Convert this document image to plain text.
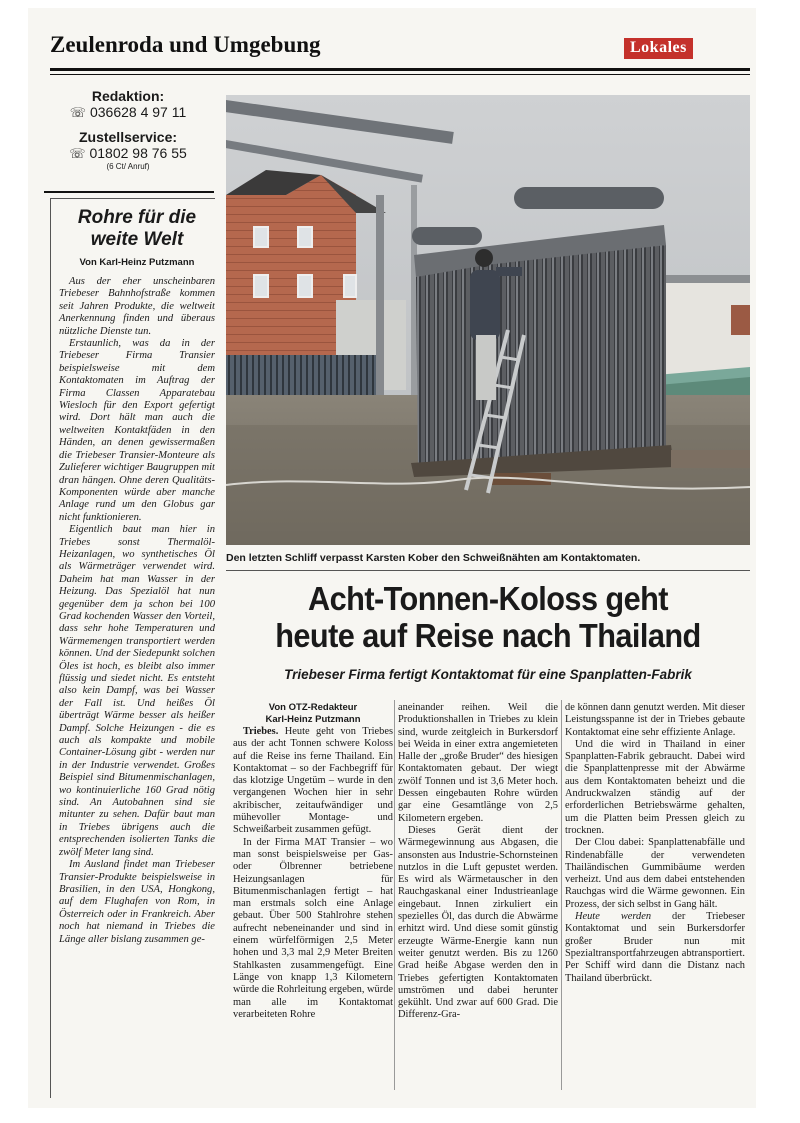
Zeulenroda und Umgebung	Lokales
Redaktion:
☏ 036628 4 97 11
Zustellservice:
☏ 01802 98 76 55
(6 Ct/ Anruf)
Rohre für die weite Welt
Von Karl-Heinz Putzmann

Aus der eher unscheinbaren Triebeser Bahnhofstraße kommen seit Jahren Produkte, die weltweit Anerkennung finden und überaus nützliche Dienste tun.

Erstaunlich, was da in der Triebeser Firma Transier beispielsweise mit dem Kontaktomaten im Auftrag der Firma Classen Apparatebau Wiesloch für den Export gefertigt wird. Dort hält man auch die weltweiten Kontaktfäden in den Händen, an denen gewissermaßen die Triebeser Transier-Monteure als Zulieferer wichtiger Baugruppen mit dran hängen. Ohne deren Qualitäts-Komponenten würde aber manche Anlage rund um den Globus gar nicht funktionieren.

Eigentlich baut man hier in Triebes sonst Thermalöl-Heizanlagen, wo synthetisches Öl als Wärmeträger verwendet wird. Daheim hat man Wasser in der Heizung. Das Spezialöl hat nun gegenüber dem ja schon bei 100 Grad kochenden Wasser den Vorteil, dass sehr hohe Temperaturen und Wärmemengen transportiert werden können. Und der Siedepunkt solchen Öles ist hoch, es bleibt also immer flüssig und siedet nicht. Es entsteht also kein Dampf, was bei Wasser der Fall ist. Und heißes Öl überträgt Wärme besser als heißer Dampf. Solche Heizungen - die es auch als kompakte und mobile Container-Lösung gibt - werden nur in der Industrie verwendet. Großes Beispiel sind Bitumenmischanlagen, wo kontinuierliche 160 Grad nötig sind. An Autobahnen sind sie mitunter zu sehen. Dafür baut man in Triebes übrigens auch die entsprechenden isolierten Tanks die zwölf Meter lang sind.

Im Ausland findet man Triebeser Transier-Produkte beispielsweise in Brasilien, in den USA, Hongkong, auf dem Flughafen von Rom, in Österreich oder in Frankreich. Aber noch hat niemand in Triebes die Länge aller bislang zusammen ge-

Den letzten Schliff verpasst Karsten Kober den Schweißnähten am Kontaktomaten.
Acht-Tonnen-Koloss geht
heute auf Reise nach Thailand
Triebeser Firma fertigt Kontaktomat für eine Spanplatten-Fabrik

Von OTZ-Redakteur
Karl-Heinz Putzmann

Triebes. Heute geht von Triebes aus der acht Tonnen schwere Koloss auf die Reise ins ferne Thailand. Ein Kontaktomat – so der Fachbegriff für das klotzige Ungetüm – wurde in den vergangenen Wochen hier in sehr akribischer, zeitaufwändiger und mühevoller Montage- und Schweißarbeit zusammen gefügt.

In der Firma MAT Transier – wo man sonst beispielsweise per Gas- oder Ölbrenner betriebene Heizungsanlagen für Bitumenmischanlagen fertigt – hat man erstmals solch eine Anlage gebaut. Über 500 Stahlrohre stehen aufrecht nebeneinander und sind in einem würfelförmigen 2,5 Meter hohen und 3,3 mal 2,9 Meter Breiten Stahlkasten zusammengefügt. Eine Länge von knapp 1,3 Kilometern würde die Rohrleitung ergeben, würde man alle im Kontaktomat verarbeiteten Rohre

aneinander reihen. Weil die Produktionshallen in Triebes zu klein sind, wurde zeitgleich in Burkersdorf bei Weida in einer extra angemieteten Halle der „große Bruder“ des hiesigen Kontaktomaten gebaut. Der wiegt zwölf Tonnen und ist 3,6 Meter hoch. Dessen eingebauten Rohre würden gar eine Gesamtlänge von 2,5 Kilometern ergeben.

Dieses Gerät dient der Wärmegewinnung aus Abgasen, die ansonsten aus Industrie-Schornsteinen nutzlos in die Luft gepustet werden. Es wird als Wärmetauscher in den Rauchgaskanal einer Industrieanlage eingebaut. Innen zirkuliert ein spezielles Öl, das durch die Abwärme erhitzt wird. Und diese somit günstig erzeugte Wärme-Energie kann nun weiter genutzt werden. Bis zu 1260 Grad heiße Abgase werden den in Triebes gefertigten Kontaktomaten umströmen und dabei herunter gekühlt. Und zwar auf 600 Grad. Die Differenz-Gra-

de können dann genutzt werden. Mit dieser Leistungsspanne ist der in Triebes gebaute Kontaktomat eine sehr effiziente Anlage.

Und die wird in Thailand in einer Spanplatten-Fabrik gebraucht. Dabei wird die Spanplattenpresse mit der Abwärme aus dem Kontaktomaten beheizt und die Andruckwalzen ständig auf der erforderlichen Betriebswärme gehalten, um die Platten beim Pressen gleich zu trocknen.

Der Clou dabei: Spanplattenabfälle und Rindenabfälle der verwendeten Thailändischen Gummibäume werden verheizt. Und aus dem dabei entstehenden Rauchgas wird die Wärme gewonnen. Ein Prozess, der sich selbst in Gang hält.

Heute werden der Triebeser Kontaktomat und sein Burkersdorfer großer Bruder nun mit Spezialtransportfahrzeugen abtransportiert. Per Schiff wird dann die Distanz nach Thailand überbrückt.
